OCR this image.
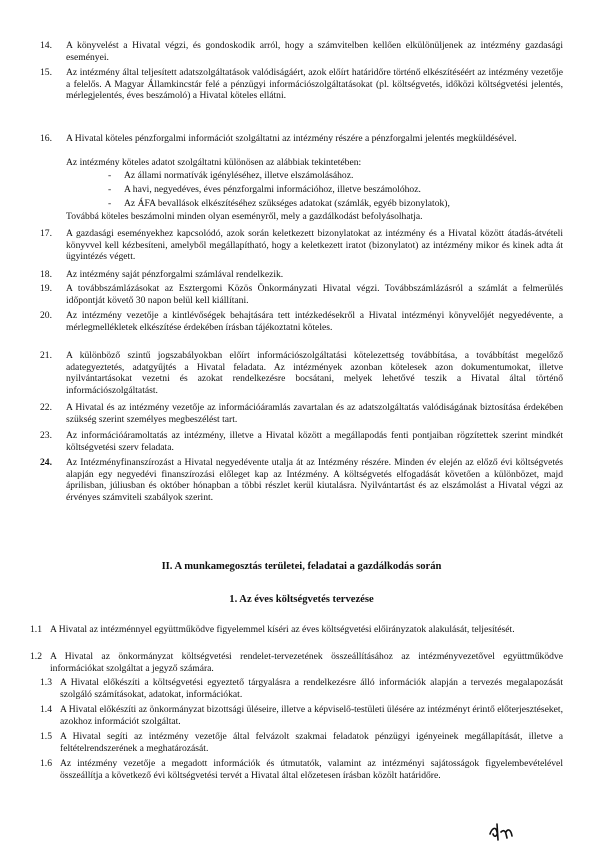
14. A könyvelést a Hivatal végzi, és gondoskodik arról, hogy a számvitelben kellően elkülönüljenek az intézmény gazdasági eseményei.
15. Az intézmény által teljesített adatszolgáltatások valódiságáért, azok előírt határidőre történő elkészítéséért az intézmény vezetője a felelős. A Magyar Államkincstár felé a pénzügyi információszolgáltatásokat (pl. költségvetés, időközi költségvetési jelentés, mérlegjelentés, éves beszámoló) a Hivatal köteles ellátni.
16. A Hivatal köteles pénzforgalmi információt szolgáltatni az intézmény részére a pénzforgalmi jelentés megküldésével.
Az intézmény köteles adatot szolgáltatni különösen az alábbiak tekintetében:
- Az állami normatívák igényléséhez, illetve elszámolásához.
- A havi, negyedéves, éves pénzforgalmi információhoz, illetve beszámolóhoz.
- Az ÁFA bevallások elkészítéséhez szükséges adatokat (számlák, egyéb bizonylatok),
Továbbá köteles beszámolni minden olyan eseményről, mely a gazdálkodást befolyásolhatja.
17. A gazdasági eseményekhez kapcsolódó, azok során keletkezett bizonylatokat az intézmény és a Hivatal között átadás-átvételi könyvvel kell kézbesíteni, amelyből megállapítható, hogy a keletkezett iratot (bizonylatot) az intézmény mikor és kinek adta át ügyintézés végett.
18. Az intézmény saját pénzforgalmi számlával rendelkezik.
19. A továbbszámlázásokat az Esztergomi Közös Önkormányzati Hivatal végzi. Továbbszámlázásról a számlát a felmerülés időpontját követő 30 napon belül kell kiállítani.
20. Az intézmény vezetője a kintlévőségek behajtására tett intézkedésekről a Hivatal intézményi könyvelőjét negyedévente, a mérlegmellékletek elkészítése érdekében írásban tájékoztatni köteles.
21. A különböző szintű jogszabályokban előírt információszolgáltatási kötelezettség továbbítása, a továbbítást megelőző adategyeztetés, adatgyűjtés a Hivatal feladata. Az intézmények azonban kötelesek azon dokumentumokat, illetve nyilvántartásokat vezetni és azokat rendelkezésre bocsátani, melyek lehetővé teszik a Hivatal által történő információszolgáltatást.
22. A Hivatal és az intézmény vezetője az információáramlás zavartalan és az adatszolgáltatás valódiságának biztosítása érdekében szükség szerint személyes megbeszélést tart.
23. Az információáramoltatás az intézmény, illetve a Hivatal között a megállapodás fenti pontjaiban rögzítettek szerint mindkét költségvetési szerv feladata.
24. Az Intézményfinanszírozást a Hivatal negyedévente utalja át az Intézmény részére. Minden év elején az előző évi költségvetés alapján egy negyedévi finanszírozási előleget kap az Intézmény. A költségvetés elfogadását követően a különbözet, majd áprilisban, júliusban és október hónapban a többi részlet kerül kiutalásra. Nyilvántartást és az elszámolást a Hivatal végzi az érvényes számviteli szabályok szerint.
II. A munkamegosztás területei, feladatai a gazdálkodás során
1. Az éves költségvetés tervezése
1.1 A Hivatal az intézménnyel együttműködve figyelemmel kíséri az éves költségvetési előirányzatok alakulását, teljesítését.
1.2 A Hivatal az önkormányzat költségvetési rendelet-tervezetének összeállításához az intézményvezetővel együttműködve információkat szolgáltat a jegyző számára.
1.3 A Hivatal előkészíti a költségvetési egyeztető tárgyalásra a rendelkezésre álló információk alapján a tervezés megalapozását szolgáló számításokat, adatokat, információkat.
1.4 A Hivatal előkészíti az önkormányzat bizottsági üléseire, illetve a képviselő-testületi ülésére az intézményt érintő előterjesztéseket, azokhoz információt szolgáltat.
1.5 A Hivatal segíti az intézmény vezetője által felvázolt szakmai feladatok pénzügyi igényeinek megállapítását, illetve a feltételrendszerének a meghatározását.
1.6 Az intézmény vezetője a megadott információk és útmutatók, valamint az intézményi sajátosságok figyelembevételével összeállítja a következő évi költségvetési tervét a Hivatal által előzetesen írásban közölt határidőre.
